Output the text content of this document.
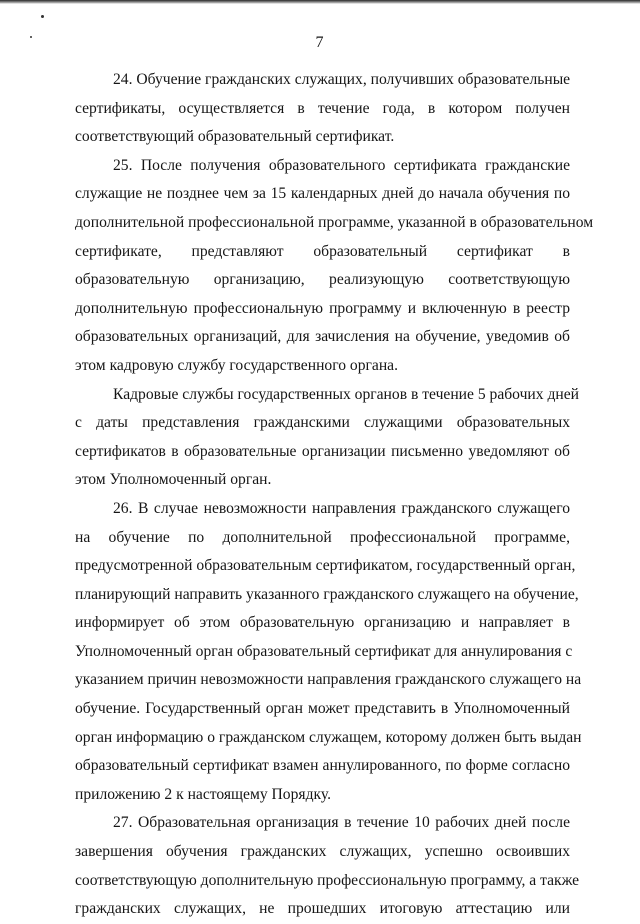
7

24. Обучение гражданских служащих, получивших образовательные
сертификаты, осуществляется в течение года, в котором получен
соответствующий образовательный сертификат.

25. После получения образовательного сертификата гражданские
служащие не позднее чем за 15 календарных дней до начала обучения по
дополнительной профессиональной программе, указанной в образовательном
сертификате, представляют образовательный сертификат в
образовательную организацию, реализующую соответствующую
дополнительную профессиональную программу и включенную в реестр
образовательных организаций, для зачисления на обучение, уведомив об
этом кадровую службу государственного органа.

Кадровые службы государственных органов в течение 5 рабочих дней
с даты представления гражданскими служащими образовательных
сертификатов в образовательные организации письменно уведомляют об
этом Уполномоченный орган.

26. В случае невозможности направления гражданского служащего
на обучение по дополнительной профессиональной программе,
предусмотренной образовательным сертификатом, государственный орган,
планирующий направить указанного гражданского служащего на обучение,
информирует об этом образовательную организацию и направляет в
Уполномоченный орган образовательный сертификат для аннулирования с
указанием причин невозможности направления гражданского служащего на
обучение. Государственный орган может представить в Уполномоченный
орган информацию о гражданском служащем, которому должен быть выдан
образовательный сертификат взамен аннулированного, по форме согласно
приложению 2 к настоящему Порядку.

27. Образовательная организация в течение 10 рабочих дней после
завершения обучения гражданских служащих, успешно освоивших
соответствующую дополнительную профессиональную программу, а также
гражданских служащих, не прошедших итоговую аттестацию или
